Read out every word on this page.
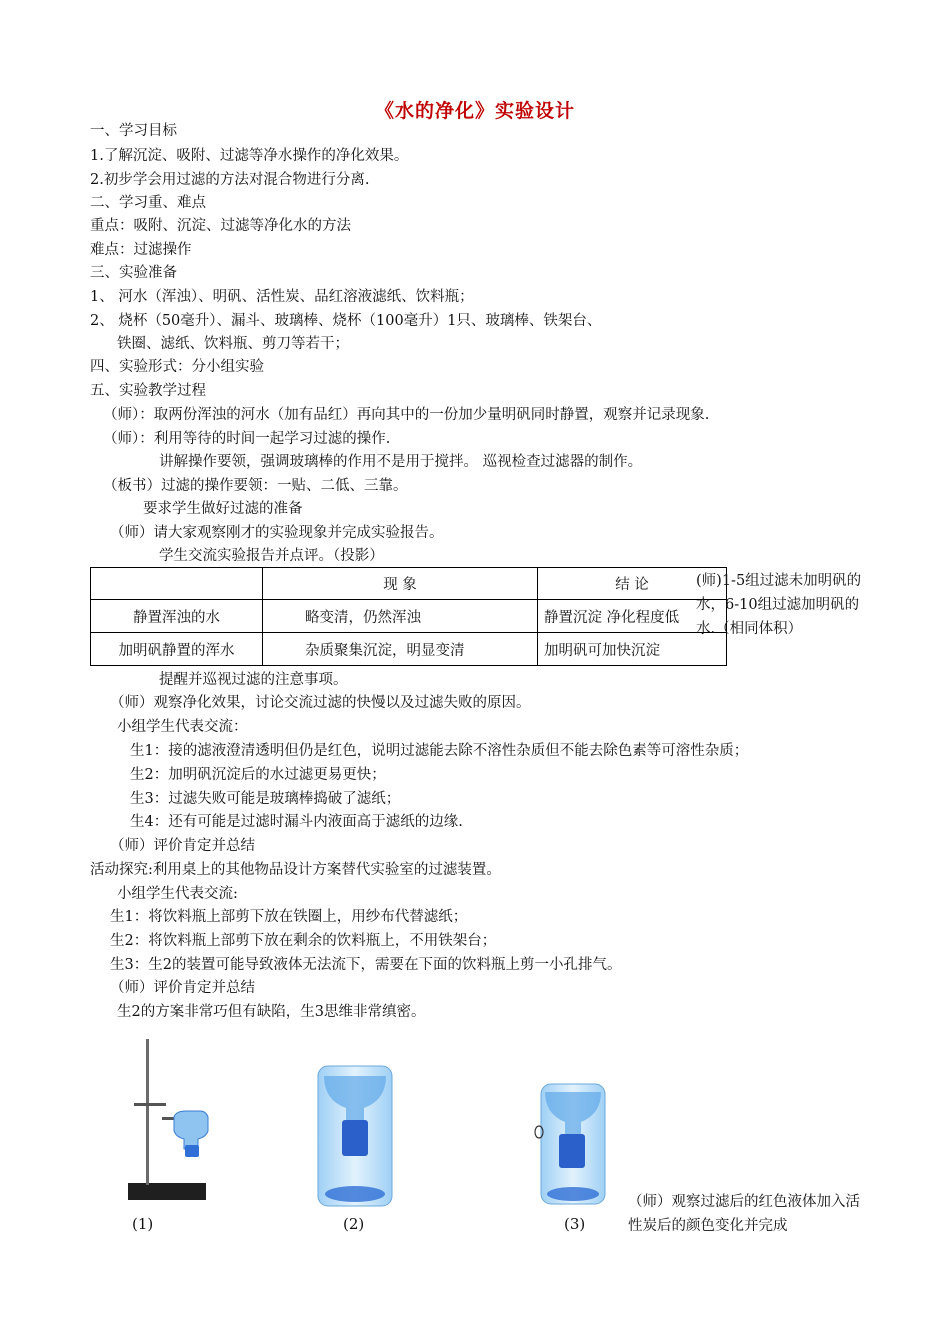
《水的净化》实验设计
一、学习目标
1.了解沉淀、吸附、过滤等净水操作的净化效果。
2.初步学会用过滤的方法对混合物进行分离.
二、学习重、难点
重点：吸附、沉淀、过滤等净化水的方法
难点：过滤操作
三、实验准备
1、 河水（浑浊）、明矾、活性炭、品红溶液滤纸、饮料瓶；
2、 烧杯（50毫升）、漏斗、玻璃棒、烧杯（100毫升）1只、玻璃棒、铁架台、
铁圈、滤纸、饮料瓶、剪刀等若干；
四、实验形式：分小组实验
五、实验教学过程
（师）：取两份浑浊的河水（加有品红）再向其中的一份加少量明矾同时静置，观察并记录现象.
（师）：利用等待的时间一起学习过滤的操作.
讲解操作要领，强调玻璃棒的作用不是用于搅拌。 巡视检查过滤器的制作。
（板书）过滤的操作要领：一贴、二低、三靠。
要求学生做好过滤的准备
（师）请大家观察刚才的实验现象并完成实验报告。
学生交流实验报告并点评。（投影）
	现 象	结 论
静置浑浊的水	略变清，仍然浑浊	静置沉淀 净化程度低
加明矾静置的浑水	杂质聚集沉淀，明显变清	加明矾可加快沉淀
(师)1-5组过滤未加明矾的水，6-10组过滤加明矾的水.（相同体积）
提醒并巡视过滤的注意事项。
（师）观察净化效果，讨论交流过滤的快慢以及过滤失败的原因。
小组学生代表交流：
生1：接的滤液澄清透明但仍是红色，说明过滤能去除不溶性杂质但不能去除色素等可溶性杂质；
生2：加明矾沉淀后的水过滤更易更快；
生3：过滤失败可能是玻璃棒捣破了滤纸；
生4：还有可能是过滤时漏斗内液面高于滤纸的边缘.
（师）评价肯定并总结
活动探究:利用桌上的其他物品设计方案替代实验室的过滤装置。
小组学生代表交流:
生1：将饮料瓶上部剪下放在铁圈上，用纱布代替滤纸；
生2：将饮料瓶上部剪下放在剩余的饮料瓶上，不用铁架台；
生3：生2的装置可能导致液体无法流下，需要在下面的饮料瓶上剪一小孔排气。
（师）评价肯定并总结
生2的方案非常巧但有缺陷，生3思维非常缜密。
(1)	(2)	(3)
（师）观察过滤后的红色液体加入活性炭后的颜色变化并完成
